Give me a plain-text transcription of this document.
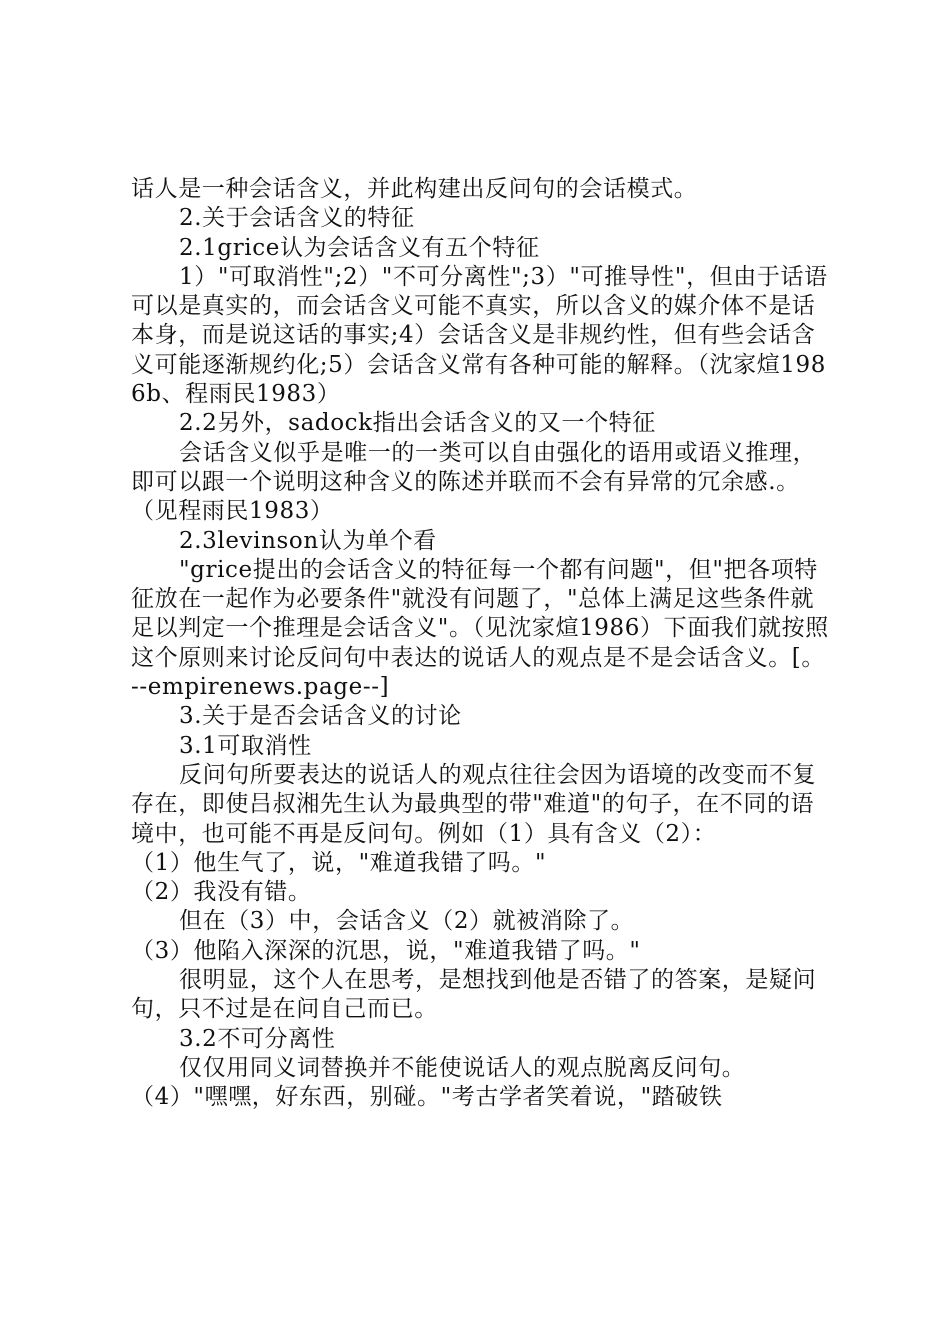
话人是一种会话含义，并此构建出反问句的会话模式。

2.关于会话含义的特征

2.1grice认为会话含义有五个特征

1）"可取消性";2）"不可分离性";3）"可推导性"，但由于话语可以是真实的，而会话含义可能不真实，所以含义的媒介体不是话本身，而是说这话的事实;4）会话含义是非规约性，但有些会话含义可能逐渐规约化;5）会话含义常有各种可能的解释。（沈家煊1986b、程雨民1983）

2.2另外，sadock指出会话含义的又一个特征

会话含义似乎是唯一的一类可以自由强化的语用或语义推理，即可以跟一个说明这种含义的陈述并联而不会有异常的冗余感.。（见程雨民1983）

2.3levinson认为单个看

"grice提出的会话含义的特征每一个都有问题"，但"把各项特征放在一起作为必要条件"就没有问题了，"总体上满足这些条件就足以判定一个推理是会话含义"。（见沈家煊1986）下面我们就按照这个原则来讨论反问句中表达的说话人的观点是不是会话含义。[。--empirenews.page--]

3.关于是否会话含义的讨论

3.1可取消性

反问句所要表达的说话人的观点往往会因为语境的改变而不复存在，即使吕叔湘先生认为最典型的带"难道"的句子，在不同的语境中，也可能不再是反问句。例如（1）具有含义（2）：

（1）他生气了，说，"难道我错了吗。"

（2）我没有错。

但在（3）中，会话含义（2）就被消除了。

（3）他陷入深深的沉思，说，"难道我错了吗。"

很明显，这个人在思考，是想找到他是否错了的答案，是疑问句，只不过是在问自己而已。

3.2不可分离性

仅仅用同义词替换并不能使说话人的观点脱离反问句。

（4）"嘿嘿，好东西，别碰。"考古学者笑着说，"踏破铁
